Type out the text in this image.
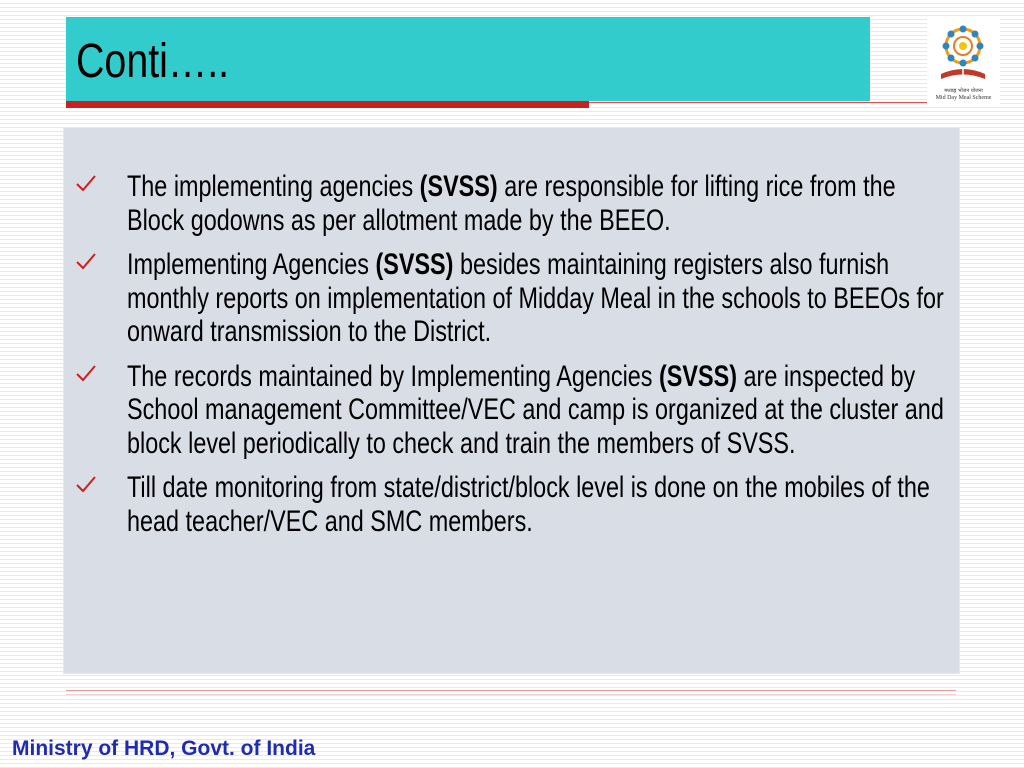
Conti…..
मध्याह्न भोजन योजना
Mid Day Meal Scheme
The implementing agencies (SVSS) are responsible for lifting rice from the Block godowns as per allotment made by the BEEO.
Implementing Agencies (SVSS) besides maintaining registers also furnish monthly reports on implementation of Midday Meal in the schools to BEEOs for onward transmission to the District.
The records maintained by Implementing Agencies (SVSS) are inspected by School management Committee/VEC and camp is organized at the cluster and block level periodically to check and train the members of SVSS.
Till date monitoring from state/district/block level is done on the mobiles of the head teacher/VEC and SMC members.
Ministry of HRD, Govt. of India
